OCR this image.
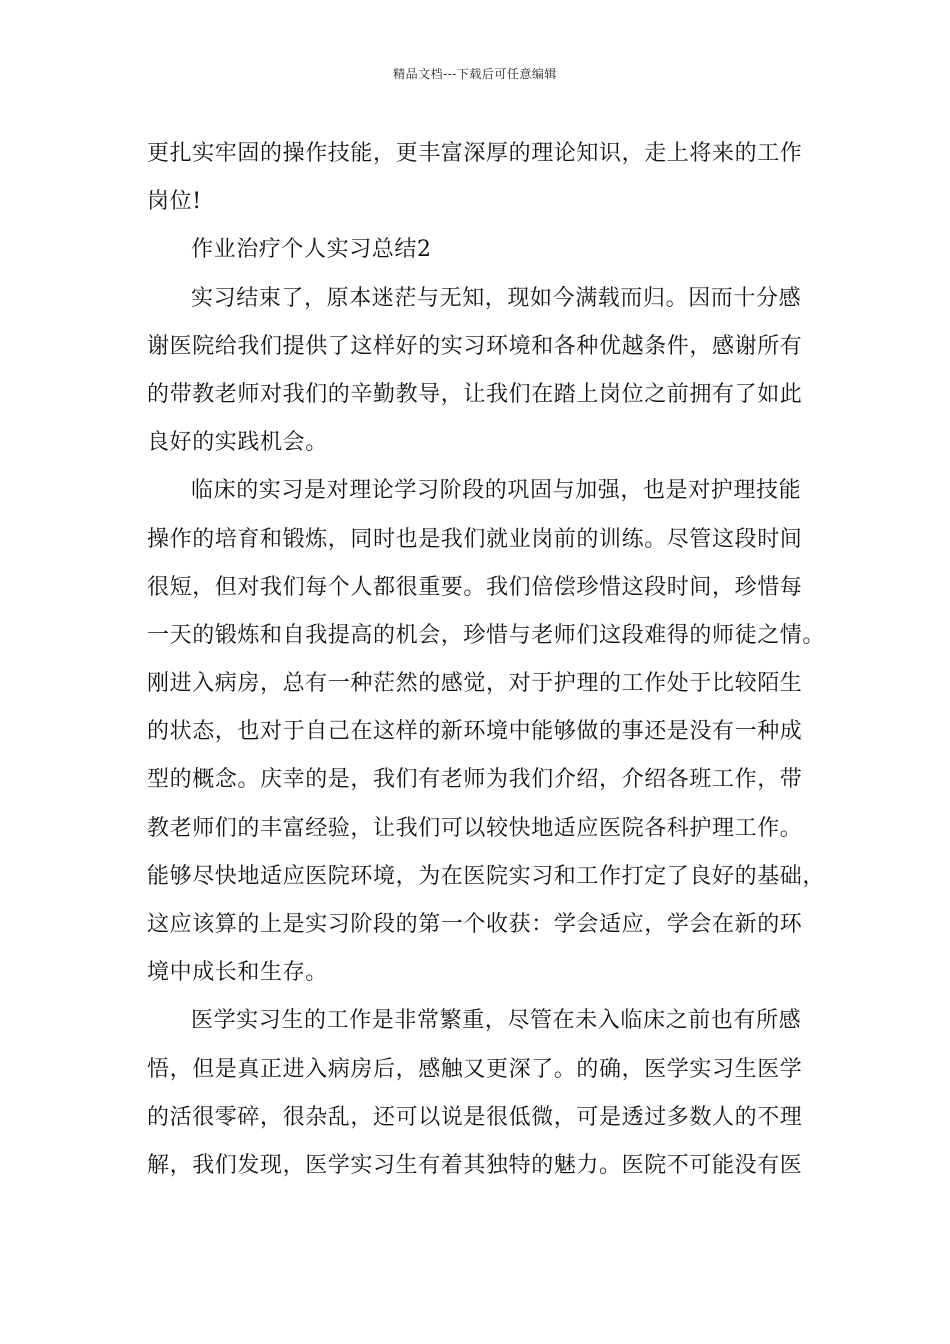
精品文档---下载后可任意编辑
更扎实牢固的操作技能，更丰富深厚的理论知识，走上将来的工作
岗位!
作业治疗个人实习总结2
实习结束了，原本迷茫与无知，现如今满载而归。因而十分感
谢医院给我们提供了这样好的实习环境和各种优越条件，感谢所有
的带教老师对我们的辛勤教导，让我们在踏上岗位之前拥有了如此
良好的实践机会。
临床的实习是对理论学习阶段的巩固与加强，也是对护理技能
操作的培育和锻炼，同时也是我们就业岗前的训练。尽管这段时间
很短，但对我们每个人都很重要。我们倍偿珍惜这段时间，珍惜每
一天的锻炼和自我提高的机会，珍惜与老师们这段难得的师徒之情。
刚进入病房，总有一种茫然的感觉，对于护理的工作处于比较陌生
的状态，也对于自己在这样的新环境中能够做的事还是没有一种成
型的概念。庆幸的是，我们有老师为我们介绍，介绍各班工作，带
教老师们的丰富经验，让我们可以较快地适应医院各科护理工作。
能够尽快地适应医院环境，为在医院实习和工作打定了良好的基础，
这应该算的上是实习阶段的第一个收获：学会适应，学会在新的环
境中成长和生存。
医学实习生的工作是非常繁重，尽管在未入临床之前也有所感
悟，但是真正进入病房后，感触又更深了。的确，医学实习生医学
的活很零碎，很杂乱，还可以说是很低微，可是透过多数人的不理
解，我们发现，医学实习生有着其独特的魅力。医院不可能没有医
